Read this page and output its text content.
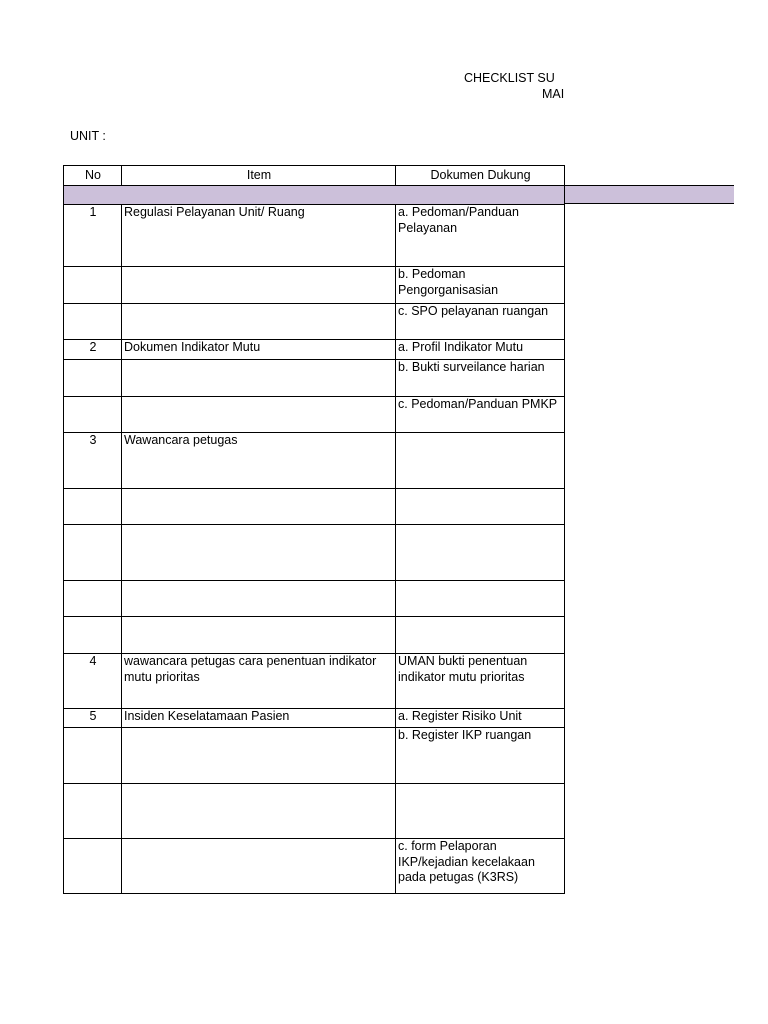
CHECKLIST SU
MAI
UNIT :
No	Item	Dokumen Dukung

1	Regulasi Pelayanan Unit/ Ruang	a. Pedoman/Panduan Pelayanan
		b. Pedoman Pengorganisasian
		c. SPO pelayanan ruangan
2	Dokumen Indikator Mutu	a. Profil Indikator Mutu
		b. Bukti surveilance harian
		c. Pedoman/Panduan PMKP
3	Wawancara petugas	

4	wawancara petugas cara penentuan indikator mutu prioritas	UMAN bukti penentuan indikator mutu prioritas
5	Insiden Keselatamaan Pasien	a. Register Risiko Unit
		b. Register IKP ruangan

		c. form Pelaporan IKP/kejadian kecelakaan pada petugas (K3RS)
